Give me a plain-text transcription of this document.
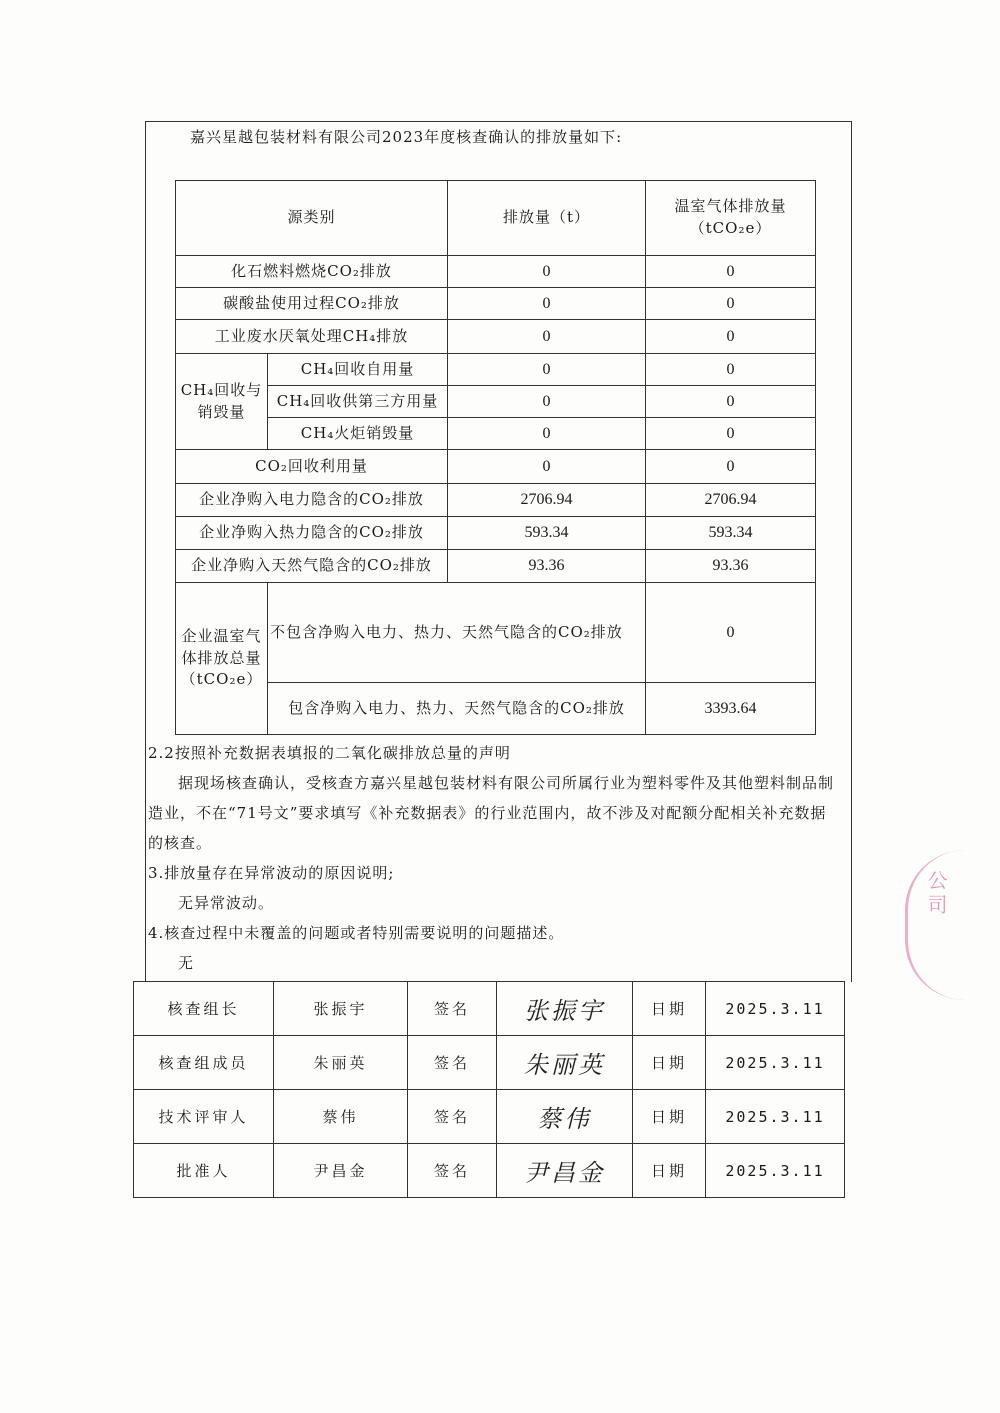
嘉兴星越包装材料有限公司2023年度核查确认的排放量如下:
源类别		排放量（t）	温室气体排放量
（tCO₂e）

化石燃料燃烧CO₂排放		0	0
碳酸盐使用过程CO₂排放		0	0
工业废水厌氧处理CH₄排放		0	0
CH₄回收与销毁量	CH₄回收自用量	0	0
	CH₄回收供第三方用量	0	0
	CH₄火炬销毁量	0	0
CO₂回收利用量		0	0
企业净购入电力隐含的CO₂排放		2706.94	2706.94
企业净购入热力隐含的CO₂排放		593.34	593.34
企业净购入天然气隐含的CO₂排放		93.36	93.36
企业温室气体排放总量（tCO₂e）	不包含净购入电力、热力、天然气隐含的CO₂排放		0
	包含净购入电力、热力、天然气隐含的CO₂排放		3393.64
2.2按照补充数据表填报的二氧化碳排放总量的声明
据现场核查确认，受核查方嘉兴星越包装材料有限公司所属行业为塑料零件及其他塑料制品制造业，不在“71号文”要求填写《补充数据表》的行业范围内，故不涉及对配额分配相关补充数据的核查。
3.排放量存在异常波动的原因说明;
无异常波动。
4.核查过程中未覆盖的问题或者特别需要说明的问题描述。
无
核查组长	张振宇	签名	张振宇	日期	2025.3.11
核查组成员	朱丽英	签名	朱丽英	日期	2025.3.11
技术评审人	蔡伟	签名	蔡伟	日期	2025.3.11
批准人	尹昌金	签名	尹昌金	日期	2025.3.11
公司
